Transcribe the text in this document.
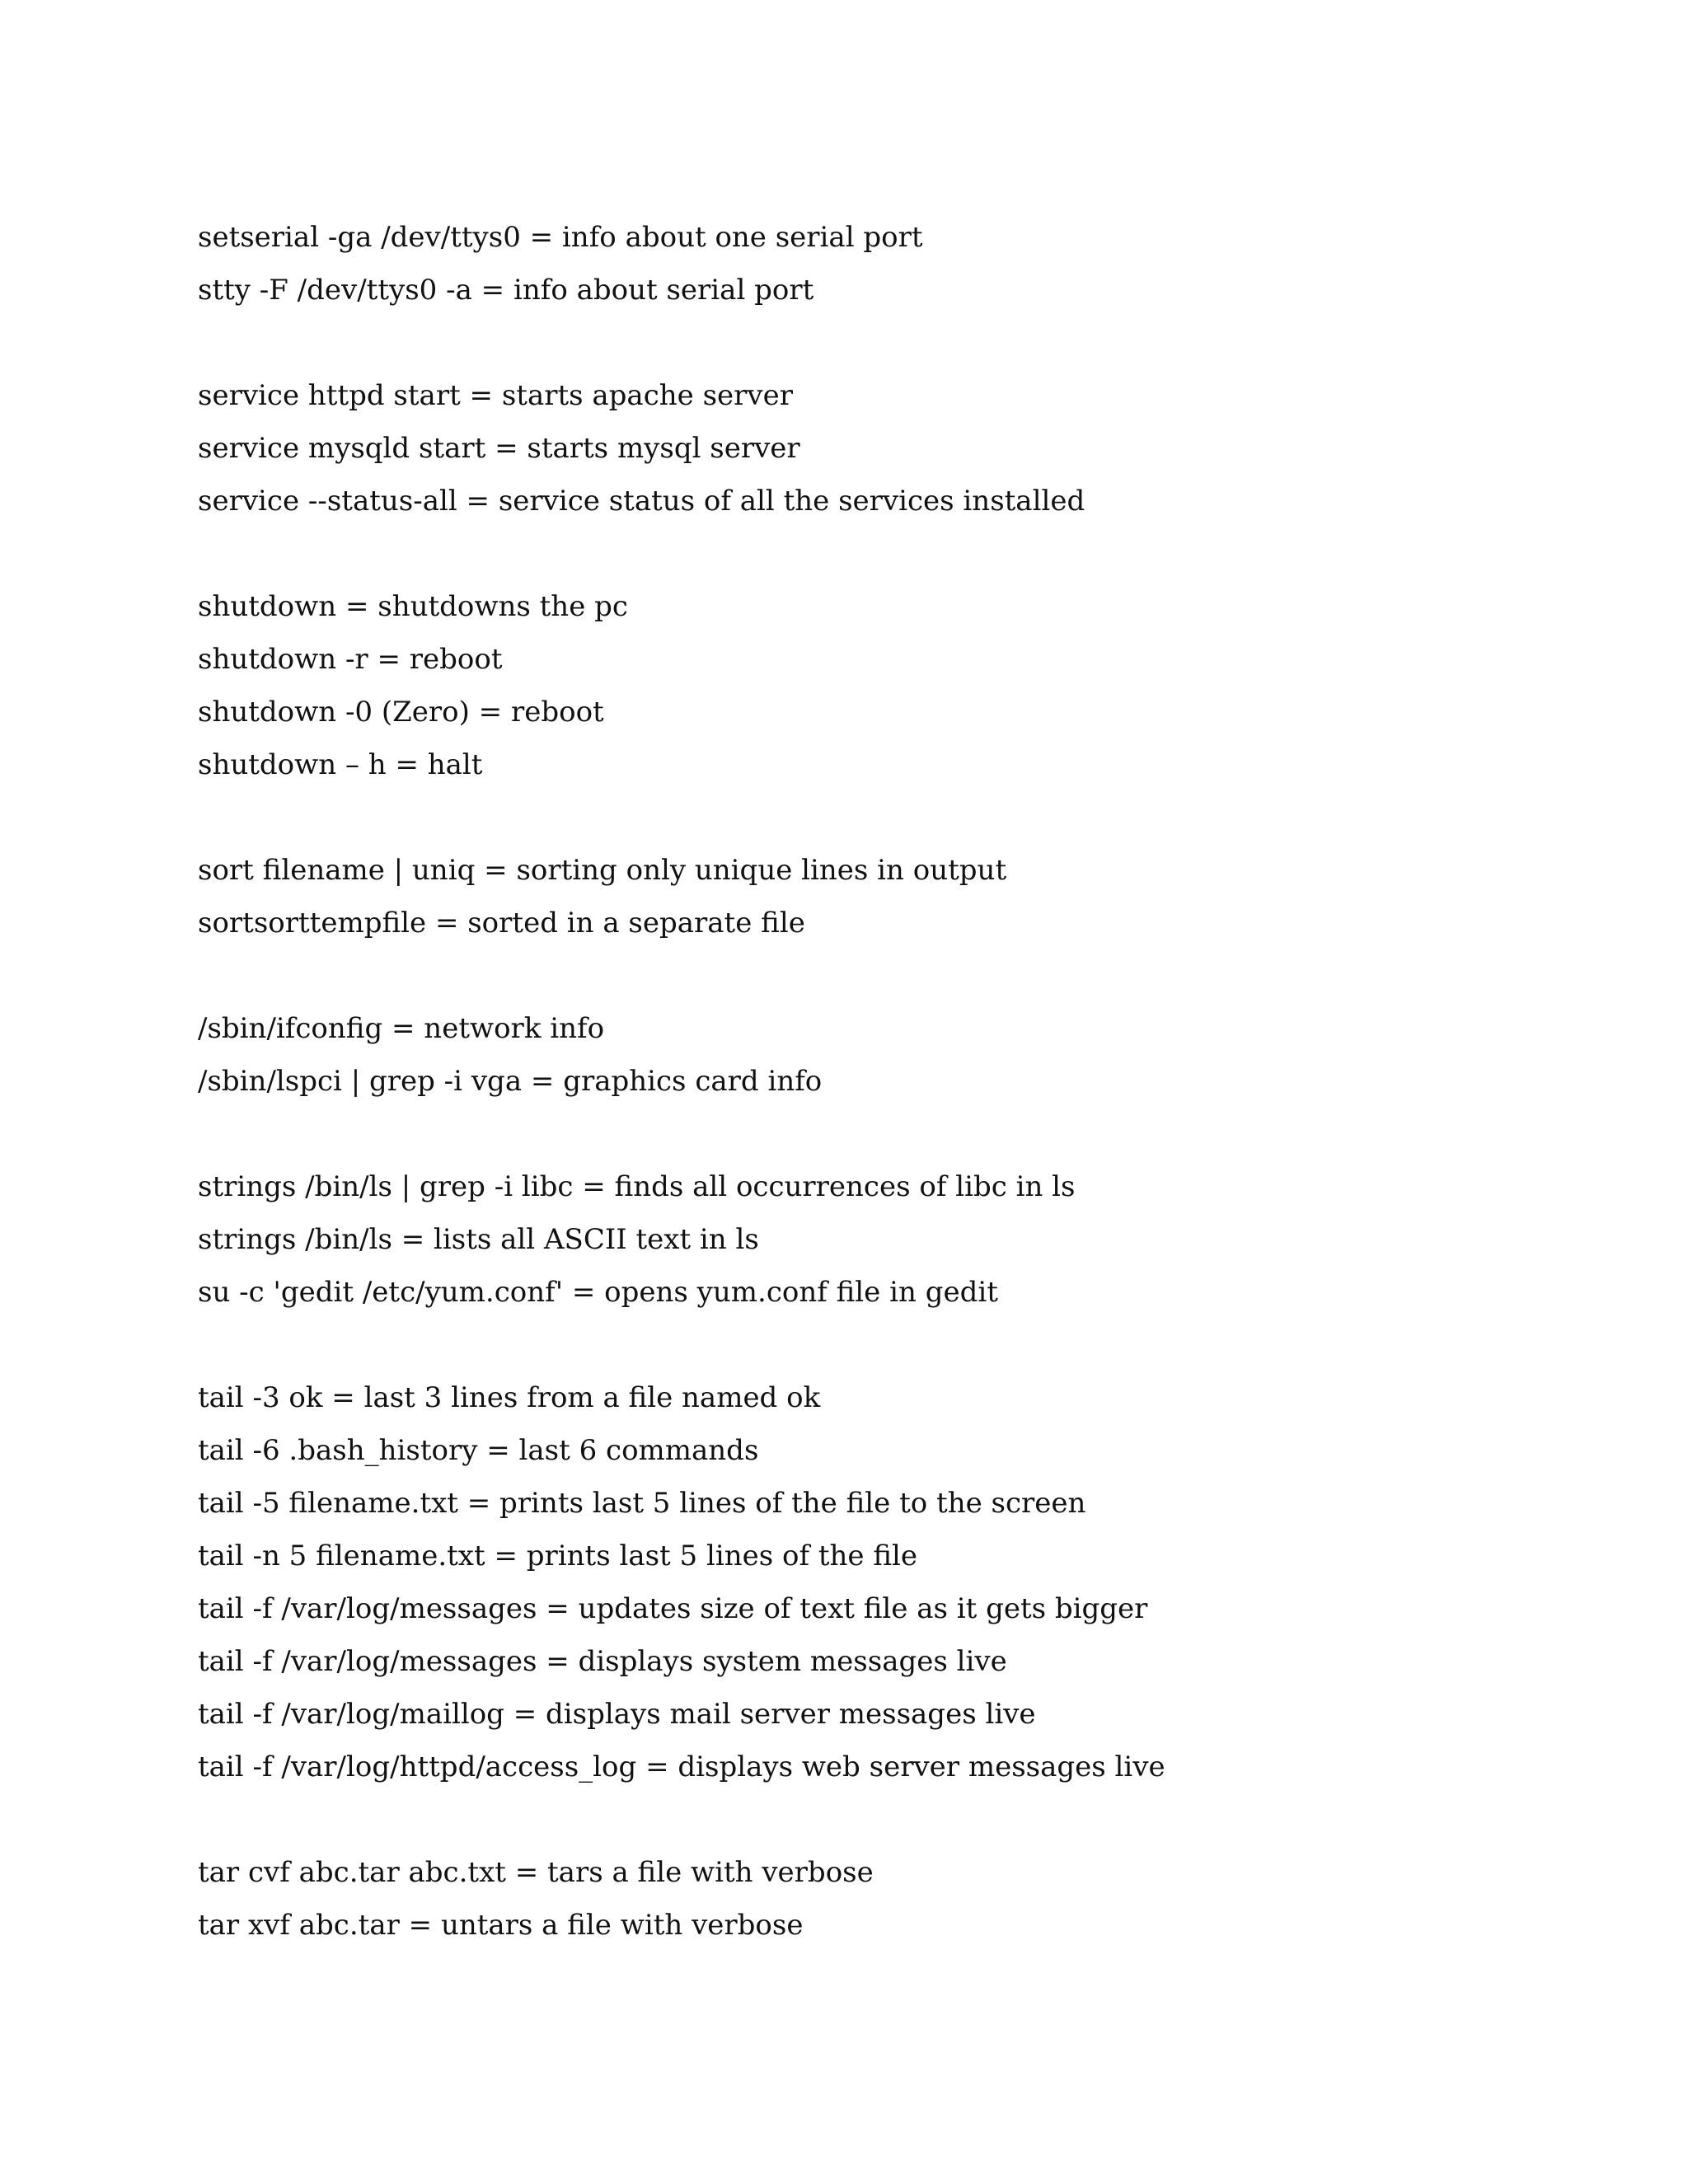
setserial -ga /dev/ttys0 = info about one serial port
stty -F /dev/ttys0 -a = info about serial port
service httpd start = starts apache server
service mysqld start = starts mysql server
service --status-all = service status of all the services installed
shutdown = shutdowns the pc
shutdown -r = reboot
shutdown -0 (Zero) = reboot
shutdown – h = halt
sort filename | uniq = sorting only unique lines in output
sortsorttempfile = sorted in a separate file
/sbin/ifconfig = network info
/sbin/lspci | grep -i vga = graphics card info
strings /bin/ls | grep -i libc = finds all occurrences of libc in ls
strings /bin/ls = lists all ASCII text in ls
su -c 'gedit /etc/yum.conf' = opens yum.conf file in gedit
tail -3 ok = last 3 lines from a file named ok
tail -6 .bash_history = last 6 commands
tail -5 filename.txt = prints last 5 lines of the file to the screen
tail -n 5 filename.txt = prints last 5 lines of the file
tail -f /var/log/messages = updates size of text file as it gets bigger
tail -f /var/log/messages = displays system messages live
tail -f /var/log/maillog = displays mail server messages live
tail -f /var/log/httpd/access_log = displays web server messages live
tar cvf abc.tar abc.txt = tars a file with verbose
tar xvf abc.tar = untars a file with verbose
